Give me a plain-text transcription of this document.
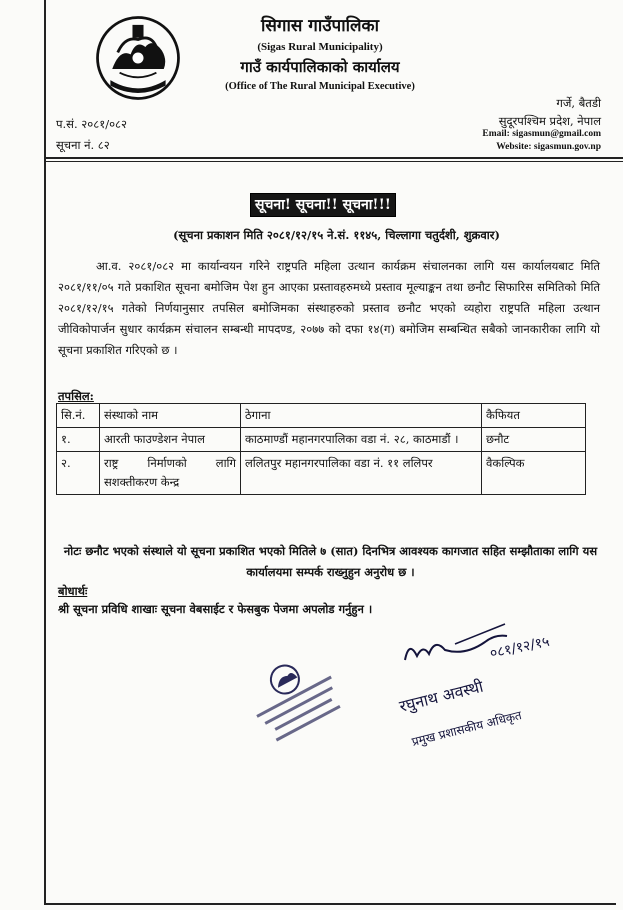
सिगास गाउँपालिका
(Sigas Rural Municipality)
गाउँ कार्यपालिकाको कार्यालय
(Office of The Rural Municipal Executive)
गर्जे, बैतडी
सुदूरपश्चिम प्रदेश, नेपाल
Email: sigasmun@gmail.com
Website: sigasmun.gov.np
प.सं. २०८१/०८२
सूचना नं. ८२
सूचना! सूचना!! सूचना!!!
(सूचना प्रकाशन मिति २०८१/१२/१५ ने.सं. ११४५, चिल्लागा चतुर्दशी, शुक्रवार)
आ.व. २०८१/०८२ मा कार्यान्वयन गरिने राष्ट्रपति महिला उत्थान कार्यक्रम संचालनका लागि यस कार्यालयबाट मिति २०८१/११/०५ गते प्रकाशित सूचना बमोजिम पेश हुन आएका प्रस्तावहरुमध्ये प्रस्ताव मूल्याङ्कन तथा छनौट सिफारिस समितिको मिति २०८१/१२/१५ गतेको निर्णयानुसार तपसिल बमोजिमका संस्थाहरुको प्रस्ताव छनौट भएको व्यहोरा राष्ट्रपति महिला उत्थान जीविकोपार्जन सुधार कार्यक्रम संचालन सम्बन्धी मापदण्ड, २०७७ को दफा १४(ग) बमोजिम सम्बन्धित सबैको जानकारीका लागि यो सूचना प्रकाशित गरिएको छ ।
तपसिल:
सि.नं.	संस्थाको नाम	ठेगाना	कैफियत
१.	आरती फाउण्डेशन नेपाल	काठमाण्डौं महानगरपालिका वडा नं. २८, काठमाडौं ।	छनौट
२.	राष्ट्र निर्माणको लागि सशक्तीकरण केन्द्र	ललितपुर महानगरपालिका वडा नं. ११ ललिपर	वैकल्पिक
नोटः छनौट भएको संस्थाले यो सूचना प्रकाशित भएको मितिले ७ (सात) दिनभित्र आवश्यक कागजात सहित सम्झौताका लागि यस कार्यालयमा सम्पर्क राख्नुहुन अनुरोध छ ।
बोधार्थः
श्री सूचना प्रविधि शाखाः सूचना वेबसाईट र फेसबुक पेजमा अपलोड गर्नुहुन ।
०८१/१२/१५
रघुनाथ अवस्थी
प्रमुख प्रशासकीय अधिकृत
